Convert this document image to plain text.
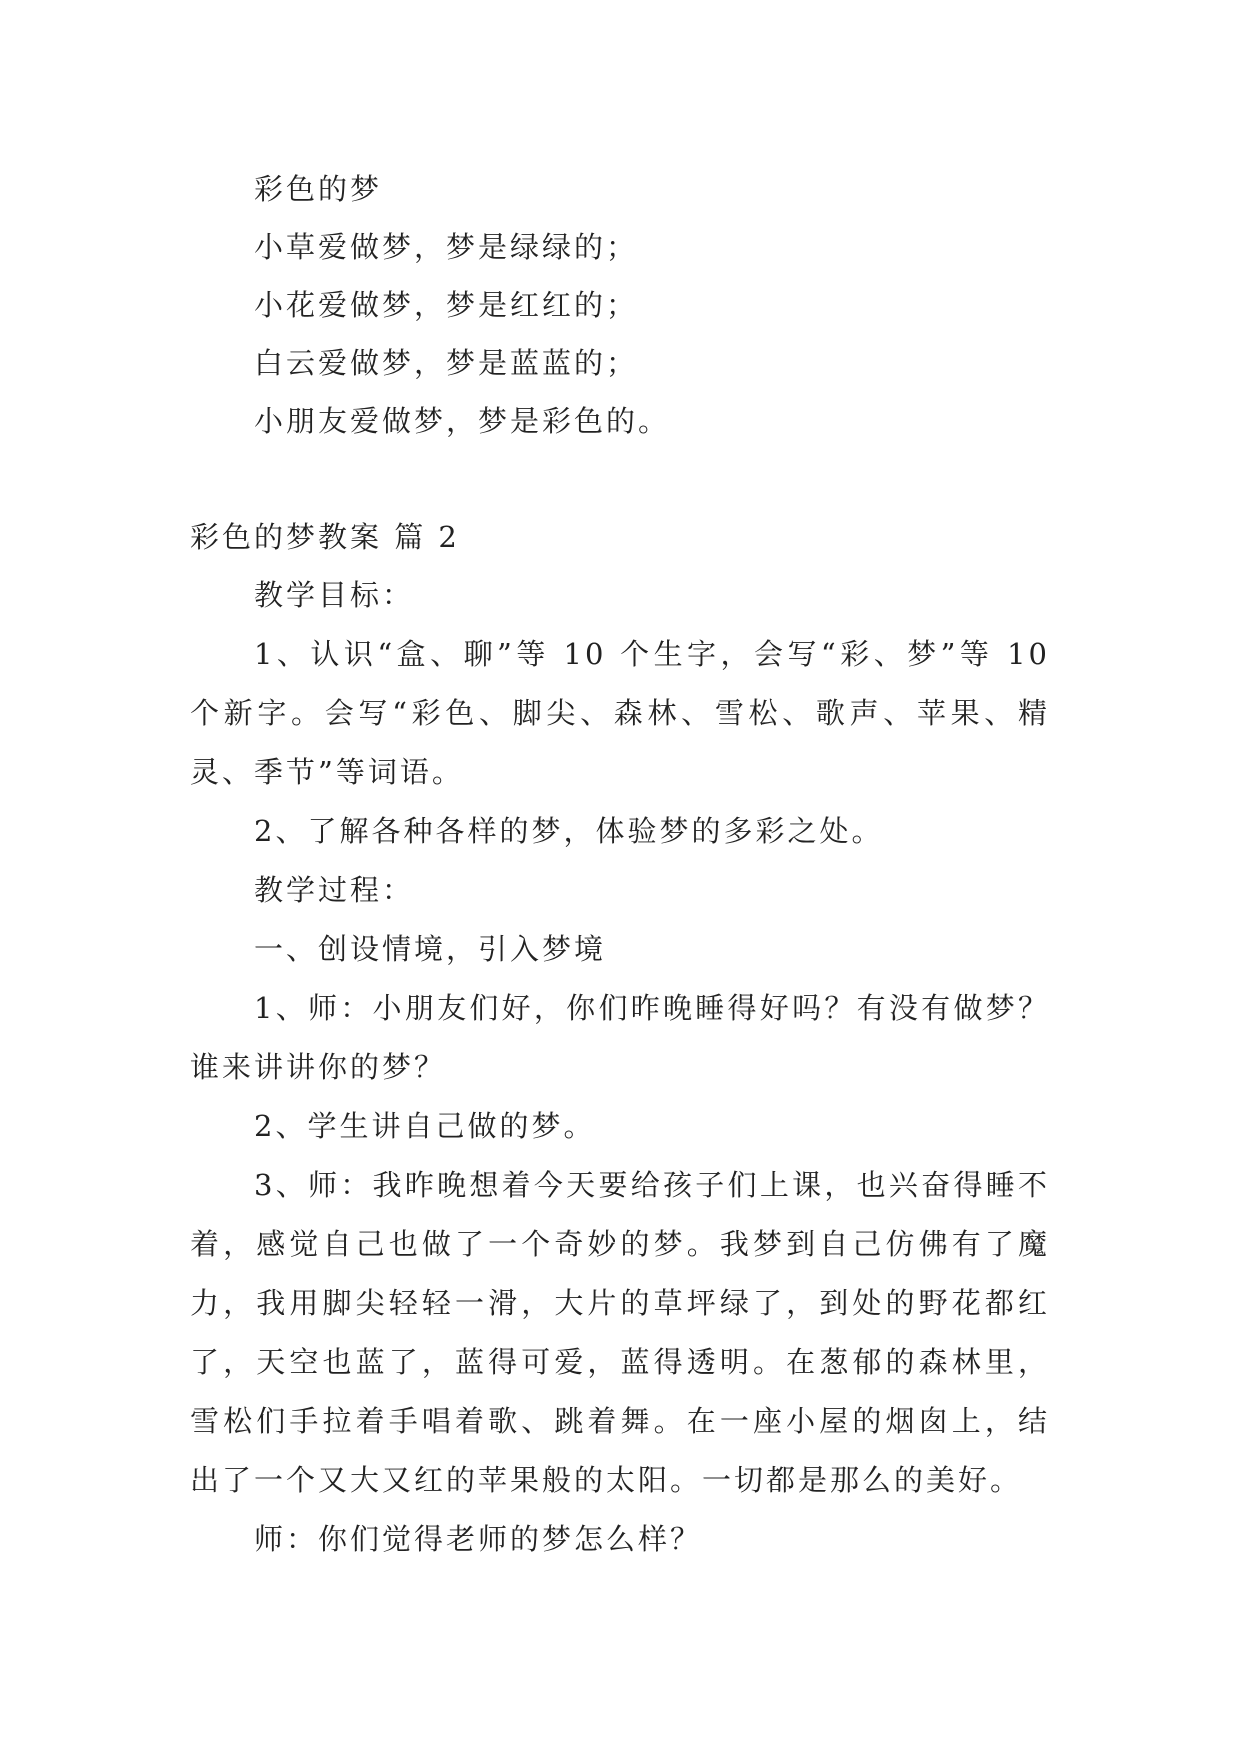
彩色的梦

小草爱做梦，梦是绿绿的；

小花爱做梦，梦是红红的；

白云爱做梦，梦是蓝蓝的；

小朋友爱做梦，梦是彩色的。

彩色的梦教案 篇 2

教学目标：

1、认识“盒、聊”等 10 个生字，会写“彩、梦”等 10 个新字。会写“彩色、脚尖、森林、雪松、歌声、苹果、精灵、季节”等词语。

2、了解各种各样的梦，体验梦的多彩之处。

教学过程：

一、创设情境，引入梦境

1、师：小朋友们好，你们昨晚睡得好吗？有没有做梦？谁来讲讲你的梦？

2、学生讲自己做的梦。

3、师：我昨晚想着今天要给孩子们上课，也兴奋得睡不着，感觉自己也做了一个奇妙的梦。我梦到自己仿佛有了魔力，我用脚尖轻轻一滑，大片的草坪绿了，到处的野花都红了，天空也蓝了，蓝得可爱，蓝得透明。在葱郁的森林里，雪松们手拉着手唱着歌、跳着舞。在一座小屋的烟囱上，结出了一个又大又红的苹果般的太阳。一切都是那么的美好。

师：你们觉得老师的梦怎么样？
